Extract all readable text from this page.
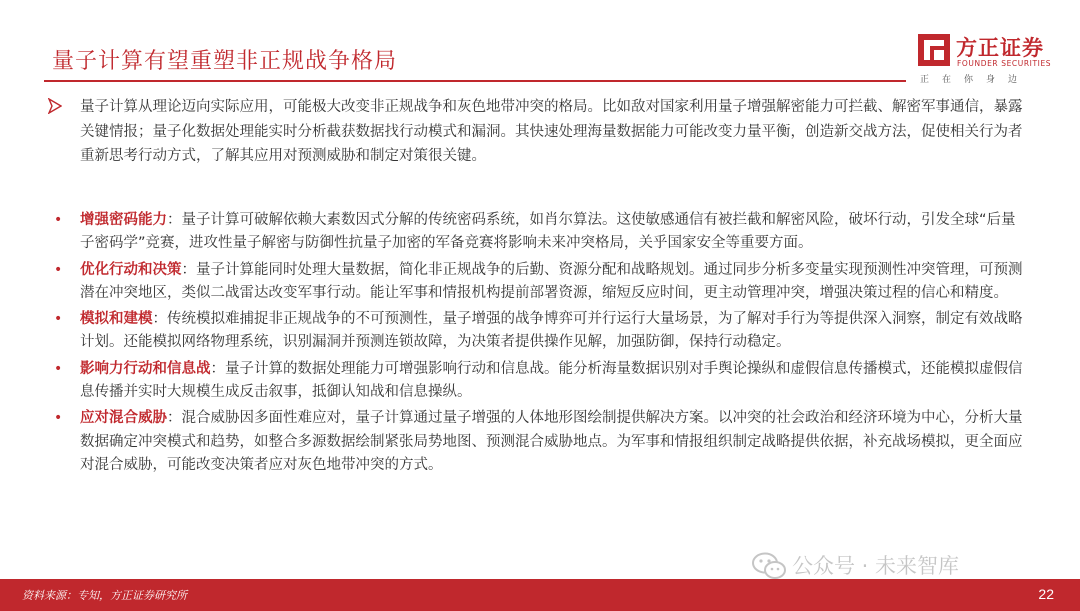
量子计算有望重塑非正规战争格局
方正证券
FOUNDER SECURITIES
正在你身边
量子计算从理论迈向实际应用，可能极大改变非正规战争和灰色地带冲突的格局。比如敌对国家利用量子增强解密能力可拦截、解密军事通信，暴露关键情报；量子化数据处理能实时分析截获数据找行动模式和漏洞。其快速处理海量数据能力可能改变力量平衡，创造新交战方法，促使相关行为者重新思考行动方式，了解其应用对预测威胁和制定对策很关键。
• 增强密码能力：量子计算可破解依赖大素数因式分解的传统密码系统，如肖尔算法。这使敏感通信有被拦截和解密风险，破坏行动，引发全球“后量子密码学”竞赛，进攻性量子解密与防御性抗量子加密的军备竞赛将影响未来冲突格局，关乎国家安全等重要方面。
• 优化行动和决策：量子计算能同时处理大量数据，简化非正规战争的后勤、资源分配和战略规划。通过同步分析多变量实现预测性冲突管理，可预测潜在冲突地区，类似二战雷达改变军事行动。能让军事和情报机构提前部署资源，缩短反应时间，更主动管理冲突，增强决策过程的信心和精度。
• 模拟和建模：传统模拟难捕捉非正规战争的不可预测性，量子增强的战争博弈可并行运行大量场景，为了解对手行为等提供深入洞察，制定有效战略计划。还能模拟网络物理系统，识别漏洞并预测连锁故障，为决策者提供操作见解，加强防御，保持行动稳定。
• 影响力行动和信息战：量子计算的数据处理能力可增强影响行动和信息战。能分析海量数据识别对手舆论操纵和虚假信息传播模式，还能模拟虚假信息传播并实时大规模生成反击叙事，抵御认知战和信息操纵。
• 应对混合威胁：混合威胁因多面性难应对，量子计算通过量子增强的人体地形图绘制提供解决方案。以冲突的社会政治和经济环境为中心，分析大量数据确定冲突模式和趋势，如整合多源数据绘制紧张局势地图、预测混合威胁地点。为军事和情报组织制定战略提供依据，补充战场模拟，更全面应对混合威胁，可能改变决策者应对灰色地带冲突的方式。
公众号 · 未来智库
资料来源：专知，方正证券研究所	22
